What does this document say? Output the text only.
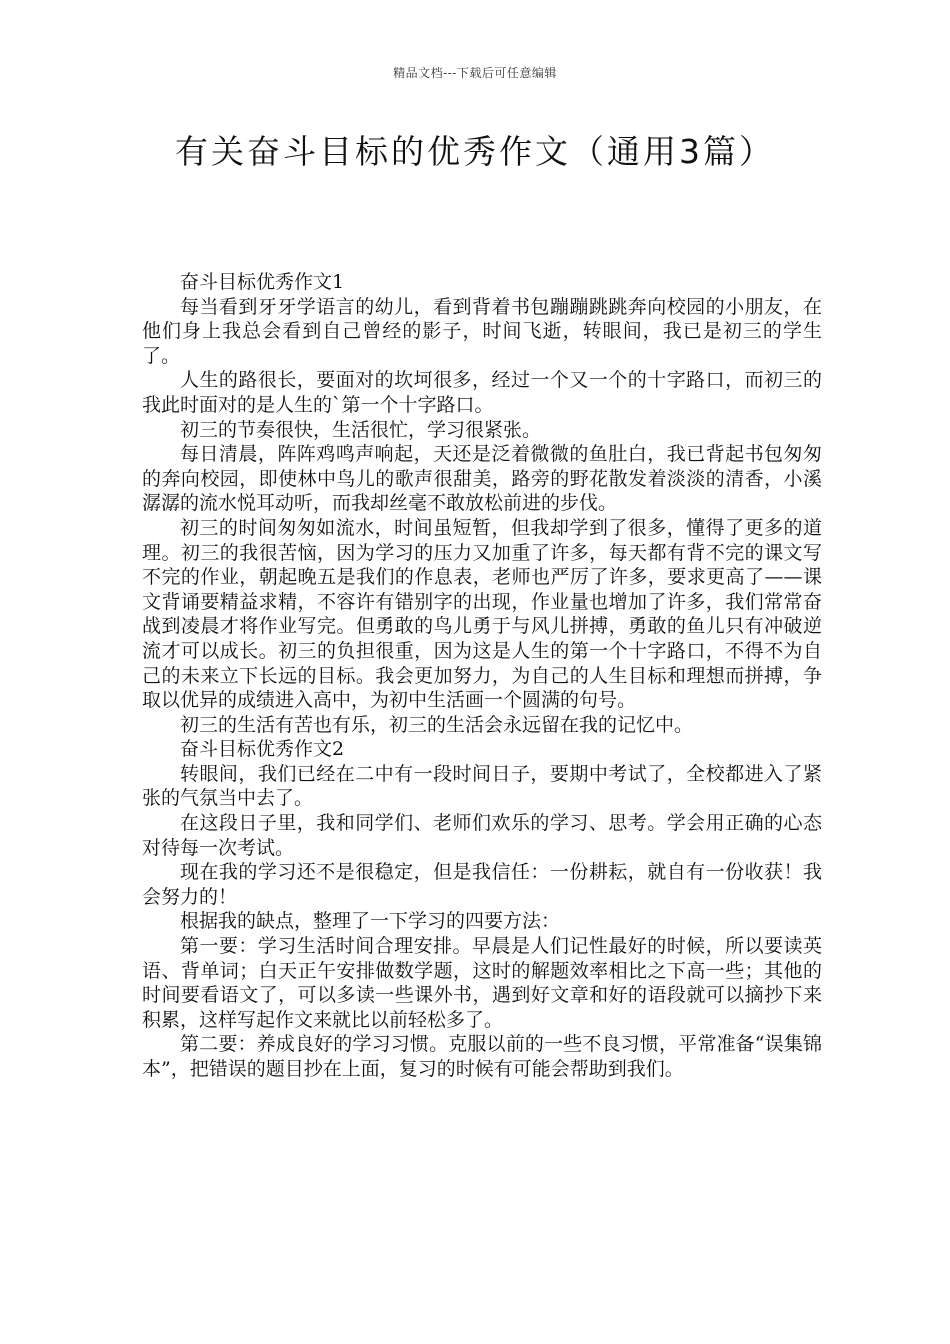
精品文档---下载后可任意编辑
有关奋斗目标的优秀作文（通用3篇）

奋斗目标优秀作文1

每当看到牙牙学语言的幼儿，看到背着书包蹦蹦跳跳奔向校园的小朋友，在他们身上我总会看到自己曾经的影子，时间飞逝，转眼间，我已是初三的学生了。

人生的路很长，要面对的坎坷很多，经过一个又一个的十字路口，而初三的我此时面对的是人生的`第一个十字路口。

初三的节奏很快，生活很忙，学习很紧张。

每日清晨，阵阵鸡鸣声响起，天还是泛着微微的鱼肚白，我已背起书包匆匆的奔向校园，即使林中鸟儿的歌声很甜美，路旁的野花散发着淡淡的清香，小溪潺潺的流水悦耳动听，而我却丝毫不敢放松前进的步伐。

初三的时间匆匆如流水，时间虽短暂，但我却学到了很多，懂得了更多的道理。初三的我很苦恼，因为学习的压力又加重了许多，每天都有背不完的课文写不完的作业，朝起晚五是我们的作息表，老师也严厉了许多，要求更高了——课文背诵要精益求精，不容许有错别字的出现，作业量也增加了许多，我们常常奋战到凌晨才将作业写完。但勇敢的鸟儿勇于与风儿拼搏，勇敢的鱼儿只有冲破逆流才可以成长。初三的负担很重，因为这是人生的第一个十字路口，不得不为自己的未来立下长远的目标。我会更加努力，为自己的人生目标和理想而拼搏，争取以优异的成绩进入高中，为初中生活画一个圆满的句号。

初三的生活有苦也有乐，初三的生活会永远留在我的记忆中。

奋斗目标优秀作文2

转眼间，我们已经在二中有一段时间日子，要期中考试了，全校都进入了紧张的气氛当中去了。

在这段日子里，我和同学们、老师们欢乐的学习、思考。学会用正确的心态对待每一次考试。

现在我的学习还不是很稳定，但是我信任：一份耕耘，就自有一份收获！我会努力的！

根据我的缺点，整理了一下学习的四要方法：

第一要：学习生活时间合理安排。早晨是人们记性最好的时候，所以要读英语、背单词；白天正午安排做数学题，这时的解题效率相比之下高一些；其他的时间要看语文了，可以多读一些课外书，遇到好文章和好的语段就可以摘抄下来积累，这样写起作文来就比以前轻松多了。

第二要：养成良好的学习习惯。克服以前的一些不良习惯，平常准备“误集锦本”，把错误的题目抄在上面，复习的时候有可能会帮助到我们。
